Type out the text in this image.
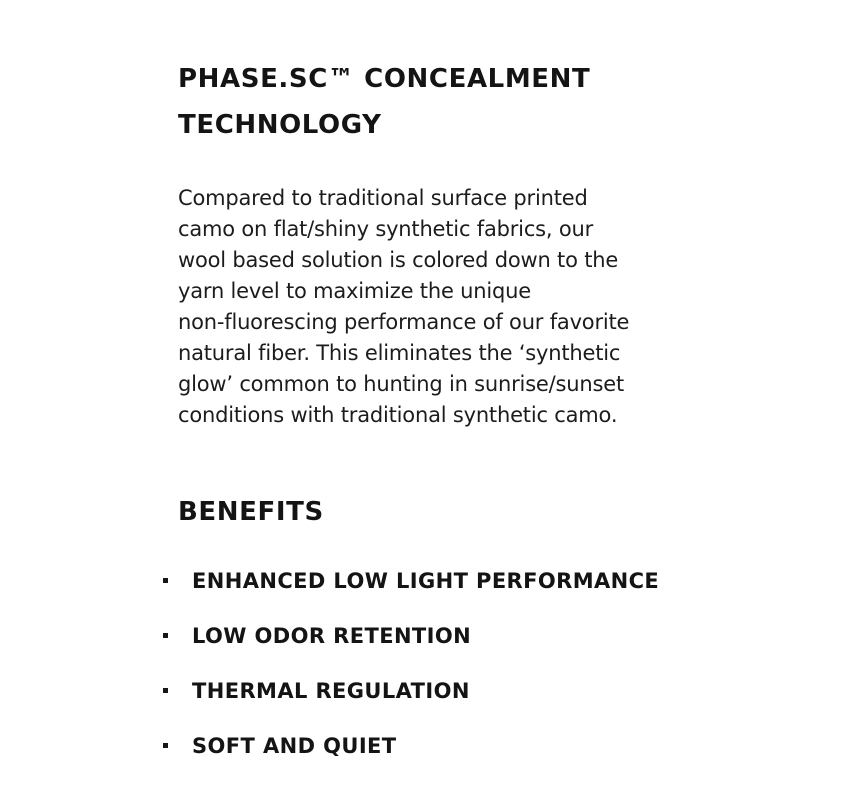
PHASE.SC™ CONCEALMENT
TECHNOLOGY

Compared to traditional surface printed
camo on flat/shiny synthetic fabrics, our
wool based solution is colored down to the
yarn level to maximize the unique
non-fluorescing performance of our favorite
natural fiber. This eliminates the ‘synthetic
glow’ common to hunting in sunrise/sunset
conditions with traditional synthetic camo.

BENEFITS
ENHANCED LOW LIGHT PERFORMANCE
LOW ODOR RETENTION
THERMAL REGULATION
SOFT AND QUIET
